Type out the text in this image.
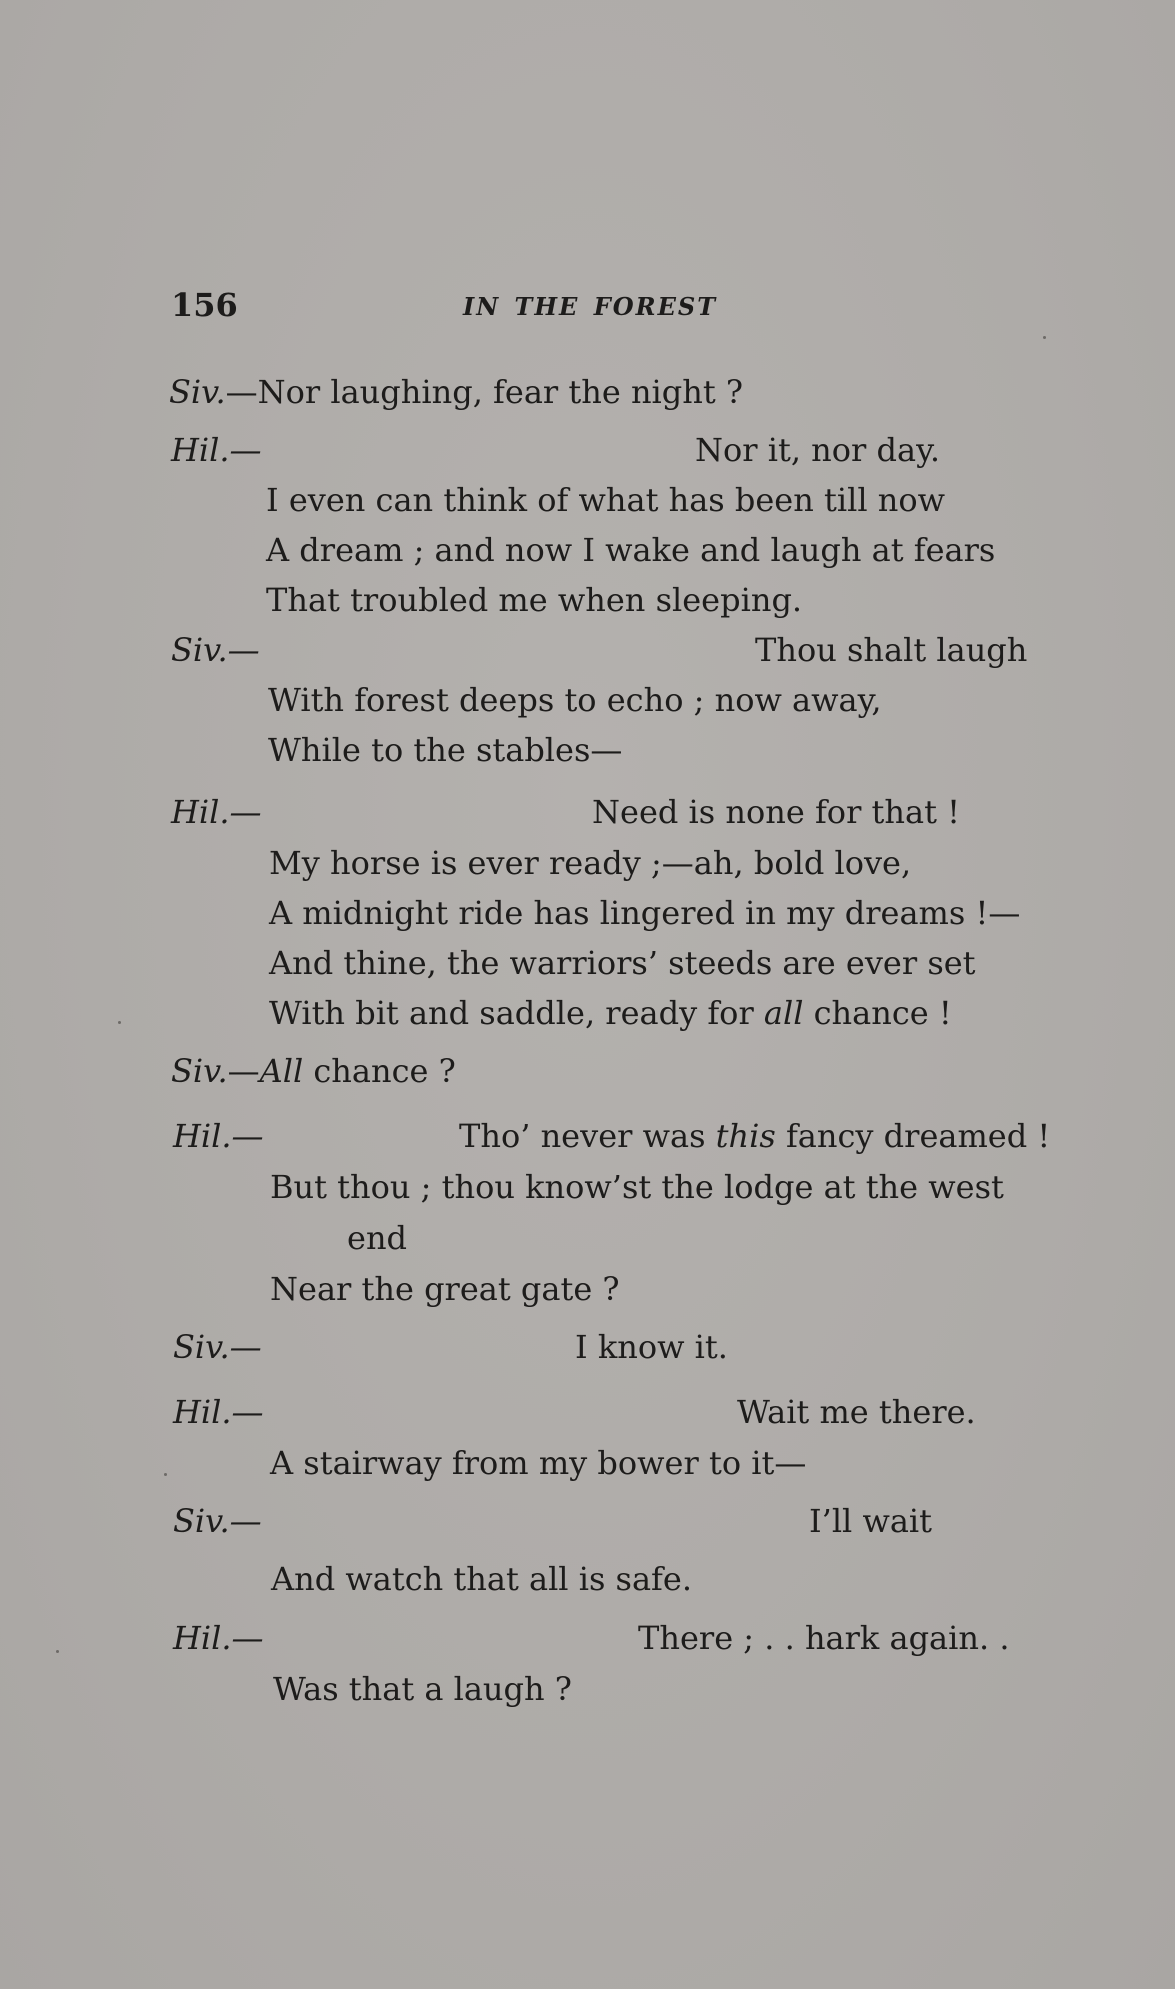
156	IN THE FOREST
Siv.—Nor laughing, fear the night ?
Hil.—	Nor it, nor day.
I even can think of what has been till now
A dream ; and now I wake and laugh at fears
That troubled me when sleeping.
Siv.—	Thou shalt laugh
With forest deeps to echo ; now away,
While to the stables—
Hil.—	Need is none for that !
My horse is ever ready ;—ah, bold love,
A midnight ride has lingered in my dreams !—
And thine, the warriors’ steeds are ever set
With bit and saddle, ready for all chance !
Siv.—All chance ?
Hil.—	Tho’ never was this fancy dreamed !
But thou ; thou know’st the lodge at the west
end
Near the great gate ?
Siv.—	I know it.
Hil.—	Wait me there.
A stairway from my bower to it—
Siv.—	I’ll wait
And watch that all is safe.
Hil.—	There ; . . hark again. .
Was that a laugh ?
